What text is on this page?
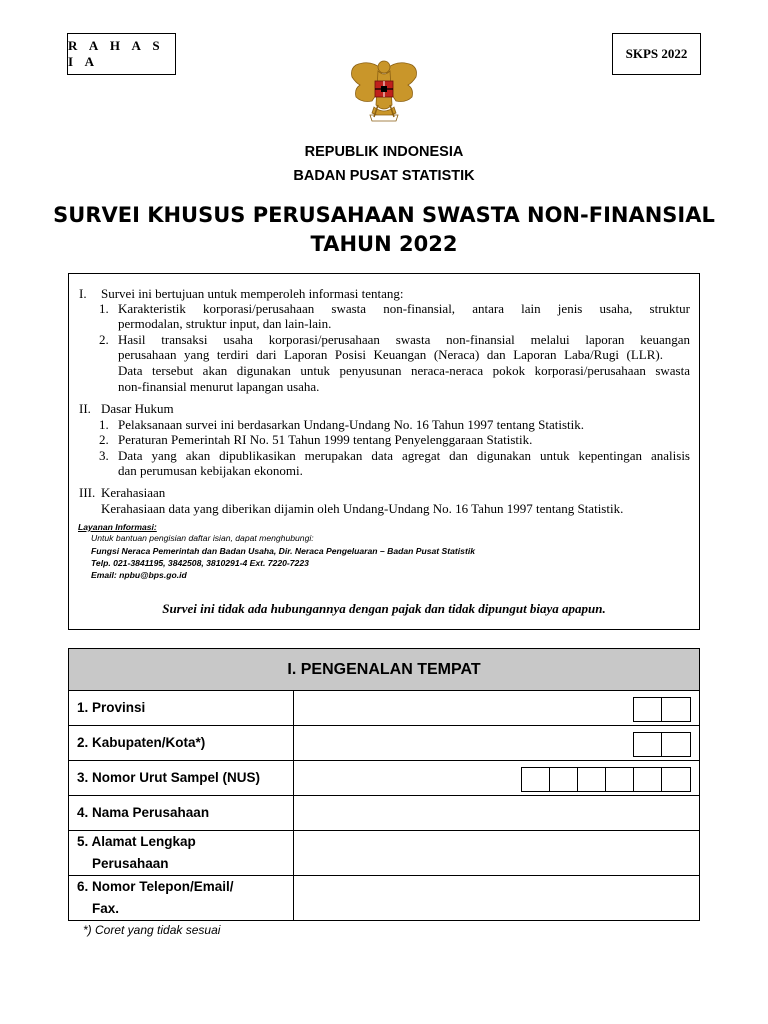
R A H A S I A
SKPS 2022
REPUBLIK INDONESIA
BADAN PUSAT STATISTIK
SURVEI KHUSUS PERUSAHAAN SWASTA NON-FINANSIAL
TAHUN 2022
I. Survei ini bertujuan untuk memperoleh informasi tentang:
1. Karakteristik korporasi/perusahaan swasta non-finansial, antara lain jenis usaha, struktur
permodalan, struktur input, dan lain-lain.
2. Hasil transaksi usaha korporasi/perusahaan swasta non-finansial melalui laporan keuangan
perusahaan yang terdiri dari Laporan Posisi Keuangan (Neraca) dan Laporan Laba/Rugi (LLR).
Data tersebut akan digunakan untuk penyusunan neraca-neraca pokok korporasi/perusahaan swasta
non-finansial menurut lapangan usaha.
II. Dasar Hukum
1. Pelaksanaan survei ini berdasarkan Undang-Undang No. 16 Tahun 1997 tentang Statistik.
2. Peraturan Pemerintah RI No. 51 Tahun 1999 tentang Penyelenggaraan Statistik.
3. Data yang akan dipublikasikan merupakan data agregat dan digunakan untuk kepentingan analisis
dan perumusan kebijakan ekonomi.
III. Kerahasiaan
Kerahasiaan data yang diberikan dijamin oleh Undang-Undang No. 16 Tahun 1997 tentang Statistik.
Layanan Informasi:
Untuk bantuan pengisian daftar isian, dapat menghubungi:
Fungsi Neraca Pemerintah dan Badan Usaha, Dir. Neraca Pengeluaran – Badan Pusat Statistik
Telp. 021-3841195, 3842508, 3810291-4 Ext. 7220-7223
Email: npbu@bps.go.id
Survei ini tidak ada hubungannya dengan pajak dan tidak dipungut biaya apapun.
I. PENGENALAN TEMPAT
1. Provinsi
2. Kabupaten/Kota*)
3. Nomor Urut Sampel (NUS)
4. Nama Perusahaan
5. Alamat Lengkap
Perusahaan
6. Nomor Telepon/Email/
Fax.
*) Coret yang tidak sesuai
